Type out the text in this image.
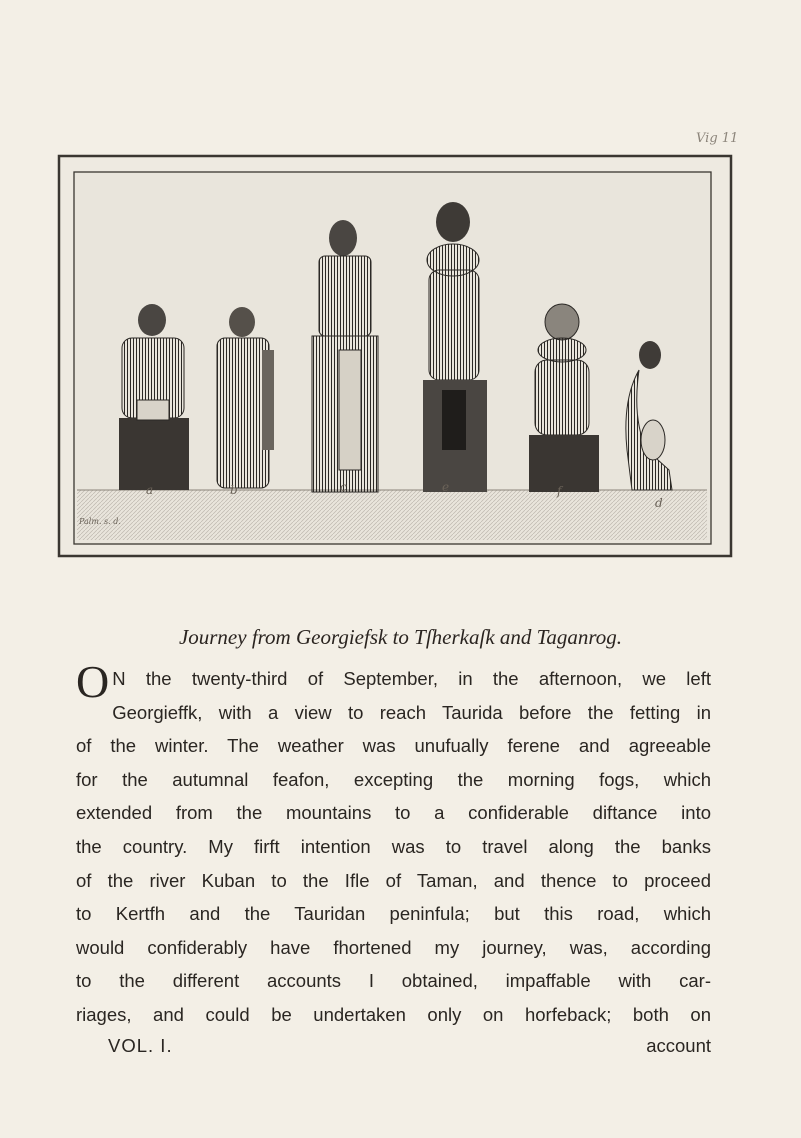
Vig 11
a	b	c	e	f
d
Palm. s. d.
Journey from Georgiefsk to Tſherkaſk and Taganrog.
O N the twenty-third of September, in the afternoon, we left
Georgieffk, with a view to reach Taurida before the fetting in
of the winter. The weather was unufually ferene and agreeable
for the autumnal feafon, excepting the morning fogs, which
extended from the mountains to a confiderable diftance into
the country. My firft intention was to travel along the banks
of the river Kuban to the Ifle of Taman, and thence to proceed
to Kertfh and the Tauridan peninfula; but this road, which
would confiderably have fhortened my journey, was, according
to the different accounts I obtained, impaffable with car-
riages, and could be undertaken only on horfeback; both on
VOL. I.	account
